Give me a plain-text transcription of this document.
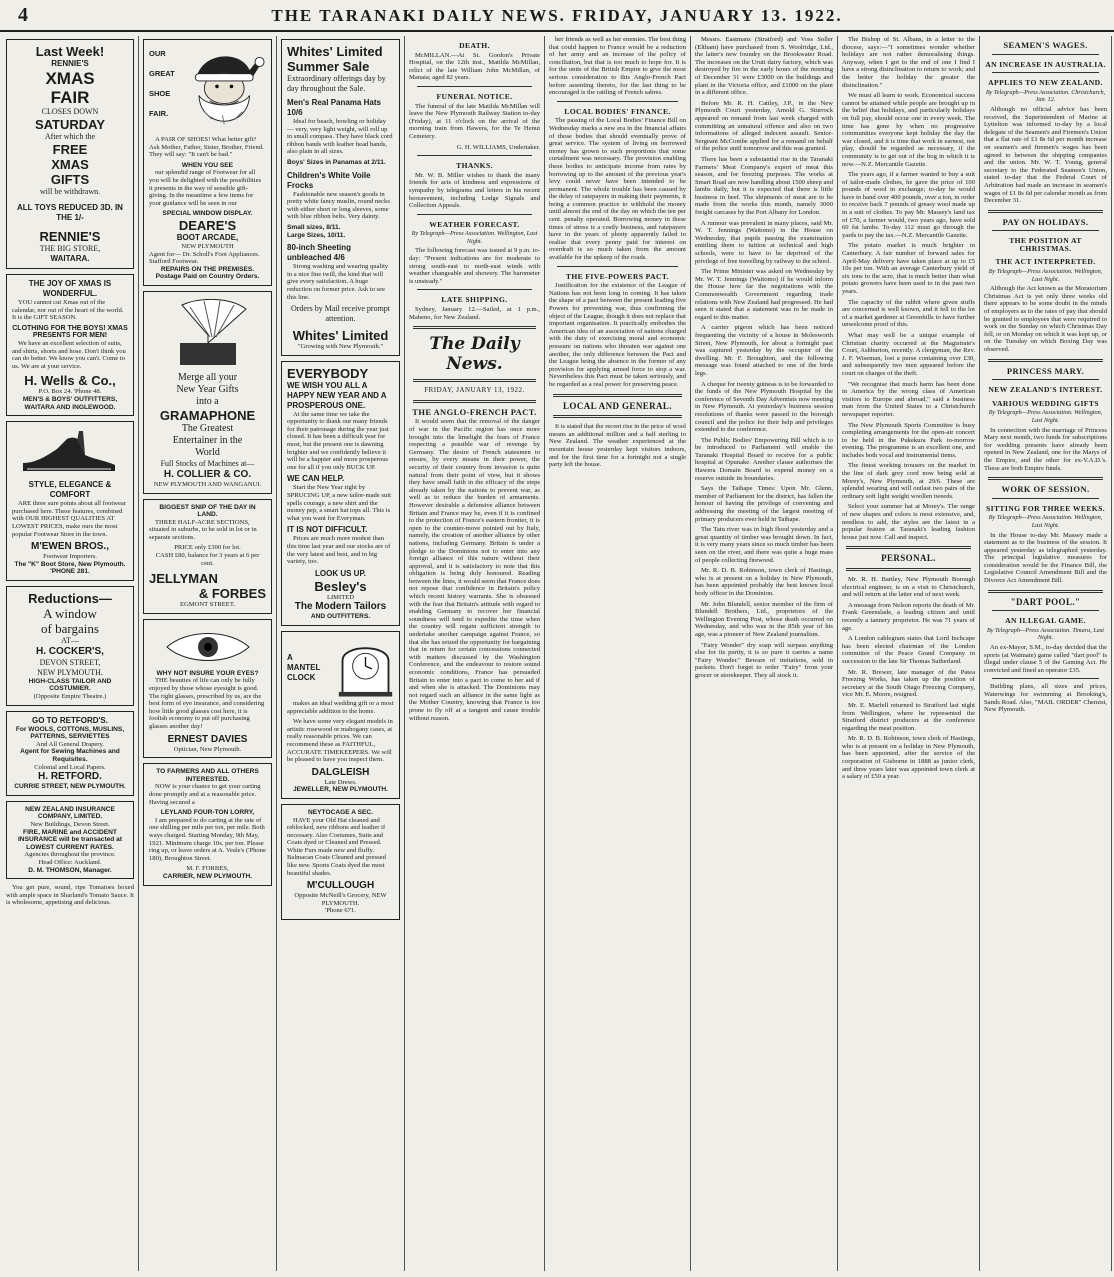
4	THE TARANAKI DAILY NEWS. FRIDAY, JANUARY 13. 1922.
Last Week!
RENNIE'S
XMAS
FAIR
CLOSES DOWN
SATURDAY
After which the
FREE
XMAS
GIFTS
will be withdrawn.
ALL TOYS REDUCED 3D. IN THE 1/-
RENNIE'S
THE BIG STORE,
WAITARA.
THE JOY OF XMAS IS WONDERFUL.

YOU cannot cut Xmas out of the calendar, nor out of the heart of the world. It is the GIFT SEASON.

CLOTHING FOR THE BOYS! XMAS PRESENTS FOR MEN!

We have an excellent selection of suits, and shirts, shorts and hose. Don't think you can do better. We know you can't. Come to us. We are at your service.

H. Wells & Co.,
P.O. Box 24. 'Phone 48.
MEN'S & BOYS' OUTFITTERS,
WAITARA AND INGLEWOOD.
STYLE, ELEGANCE & COMFORT

ARE three sure points about all footwear purchased here. These features, combined with OUR HIGHEST QUALITIES AT LOWEST PRICES, make ours the most popular Footwear Store in the town.

M'EWEN BROS.,
Footwear Importers.
The "K" Boot Store, New Plymouth. 'PHONE 281.
Reductions—
A window
of bargains
AT—
H. COCKER'S,
DEVON STREET,
NEW PLYMOUTH.
HIGH-CLASS TAILOR AND COSTUMIER.
(Opposite Empire Theatre.)
GO TO RETFORD'S.
For WOOLS, COTTONS, MUSLINS, PATTERNS, SERVIETTES
And All General Drapery.
Agent for Sewing Machines and Requisites.
Colonial and Local Papers.
H. RETFORD.
CURRIE STREET, NEW PLYMOUTH.
NEW ZEALAND INSURANCE COMPANY, LIMITED.
New Buildings, Devon Street.
FIRE, MARINE and ACCIDENT INSURANCE will be transacted at LOWEST CURRENT RATES.
Agencies throughout the province.
Head Office: Auckland.
D. M. THOMSON, Manager.

You get pure, sound, ripe Tomatoes boxed with ample space in Sharland's Tomato Sauce. It is wholesome, appetising and delicious.

OUR GREAT SHOE FAIR.

A PAIR OF SHOES! What better gift? Ask Mother, Father, Sister, Brother, Friend. They will say: "It can't be bad."

WHEN YOU SEE

our splendid range of Footwear for all you will be delighted with the possibilities it presents in the way of sensible gift-giving. In the meantime a few items for your guidance will be seen in our

SPECIAL WINDOW DISPLAY.
DEARE'S
BOOT ARCADE,
NEW PLYMOUTH
Agent for— Dr. Scholl's Foot Appliances. Stafford Footwear.
REPAIRS ON THE PREMISES. Postage Paid on Country Orders.
Merge all your
New Year Gifts
into a
GRAMAPHONE
The Greatest
Entertainer in the
World
Full Stocks of Machines at—
H. COLLIER & CO.
NEW PLYMOUTH AND WANGANUI.
BIGGEST SNIP OF THE DAY IN LAND.

THREE HALF-ACRE SECTIONS, situated in suburbs, to be sold in lot or in separate sections.

PRICE only £300 for lot.
CASH £80, balance for 3 years at 6 per cent.
JELLYMAN
& FORBES
EGMONT STREET.
WHY NOT INSURE YOUR EYES?

THE beauties of life can only be fully enjoyed by those whose eyesight is good. The right glasses, prescribed by us, are the best form of eye insurance, and considering how little good glasses cost here, it is foolish economy to put off purchasing glasses another day!

ERNEST DAVIES
Optician, New Plymouth.
TO FARMERS AND ALL OTHERS INTERESTED.

NOW is your chance to get your carting done promptly and at a reasonable price. Having secured a

LEYLAND FOUR-TON LORRY,

I am prepared to do carting at the rate of one shilling per mile per ton, per mile. Both ways charged. Starting Monday, 9th May, 1921. Minimum charge 10s. per ton. Please ring up, or leave orders at A. Veale's ('Phone 180), Broughton Street.

M. F. FORBES,
CARRIER, NEW PLYMOUTH.
Whites' Limited
Summer Sale
Extraordinary offerings day by day throughout the Sale.
Men's Real Panama Hats 10/6

Ideal for beach, bowling or holiday — very, very light weight, will roll up in small compass. They have black cord ribbon bands with leather head bands, also plain in all sizes.

Boys' Sizes in Panamas at 2/11.
Children's White Voile Frocks

Fashionable new season's goods in pretty white fancy muslin, round necks with either short or long sleeves, some with blue ribbon belts. Very dainty.

Small sizes, 8/11.
Large Sizes, 10/11.
80-inch Sheeting unbleached 4/6

Strong washing and wearing quality in a nice fine twill, the kind that will give every satisfaction. A huge reduction on former price. Ask to see this line.

Orders by Mail receive prompt attention.
Whites' Limited
"Growing with New Plymouth."
EVERYBODY
WE WISH YOU ALL A HAPPY NEW YEAR AND A PROSPEROUS ONE.

At the same time we take the opportunity to thank our many friends for their patronage during the year just closed. It has been a difficult year for most, but the present one is dawning brighter and we confidently believe it will be a happier and more prosperous one for all if you only BUCK UP.

WE CAN HELP.

Start the New Year right by SPRUCING UP, a new tailor-made suit spells courage, a new shirt and the money pep, a smart hat tops all. This is what you want for Everyman.

IT IS NOT DIFFICULT.

Prices are much more modest than this time last year and our stocks are of the very latest and best, and in big variety, too.

LOOK US UP.
Besley's
LIMITED
The Modern Tailors
AND OUTFITTERS.
A
MANTEL
CLOCK

makes an ideal wedding gift or a most appreciable addition to the home.

We have some very elegant models in artistic rosewood or mahogany cases, at really reasonable prices. We can recommend these as FAITHFUL, ACCURATE TIMEKEEPERS. We will be pleased to have you inspect them.

DALGLEISH
Late Drews.
JEWELLER, NEW PLYMOUTH.
NEYTOCAGE A SEC.

HAVE your Old Hat cleaned and reblocked, new ribbons and leather if necessary. Also Costumes, Suits and Coats dyed or Cleaned and Pressed. White Furs made new and fluffy. Balmacan Coats Cleaned and pressed like new. Sports Coats dyed the most beautiful shades.

M'CULLOUGH
Opposite McNeill's Grocery, NEW PLYMOUTH.
'Phone 671.
DEATH.

McMILLAN.—At St. Gordon's Private Hospital, on the 12th inst., Matilda McMillan, relict of the late William John McMillan, of Manaia; aged 82 years.

FUNERAL NOTICE.

The funeral of the late Matilda McMillan will leave the New Plymouth Railway Station to-day (Friday), at 11 o'clock on the arrival of the morning train from Hawera, for the Te Henui Cemetery.

G. H. WILLIAMS, Undertaker.
THANKS.

Mr. W. B. Miller wishes to thank the many friends for acts of kindness and expressions of sympathy by telegrams and letters in his recent bereavement, including Lodge Signals and Collection Appeals.

WEATHER FORECAST.
By Telegraph—Press Association. Wellington, Last Night.

The following forecast was issued at 9 p.m. to-day: "Present indications are for moderate to strong south-east to north-east winds with weather changeable and showery. The barometer is unsteady."

LATE SHIPPING.

Sydney, January 12.—Sailed, at 1 p.m., Maheno, for New Zealand.

The Daily News.
FRIDAY, JANUARY 13, 1922.
THE ANGLO-FRENCH PACT.

It would seem that the removal of the danger of war in the Pacific region has once more brought into the limelight the fears of France respecting a possible war of revenge by Germany. The desire of French statesmen to ensure, by every means in their power, the security of their country from invasion is quite natural from their point of view, but it shows they have small faith in the efficacy of the steps already taken by the nations to prevent war, as well as to reduce the burden of armaments. However desirable a defensive alliance between Britain and France may be, even if it is confined to the protection of France's eastern frontier, it is open to the counter-move pointed out by Italy, namely, the creation of another alliance by other nations, including Germany. Britain is under a pledge to the Dominions not to enter into any foreign alliance of this nature without their approval, and it is satisfactory to note that this obligation is being duly honoured. Reading between the lines, it would seem that France does not repose that confidence in Britain's policy which recent history warrants. She is obsessed with the fear that Britain's attitude with regard to enabling Germany to recover her financial soundness will tend to expedite the time when the country will regain sufficient strength to undertake another campaign against France, so that she has seized the opportunity for bargaining that in return for certain concessions connected with matters discussed by the Washington Conference, and the endeavour to restore sound economic conditions, France has persuaded Britain to enter into a pact to come to her aid if and when she is attacked. The Dominions may not regard such an alliance in the same light as the Mother Country, knowing that France is too prone to fly off at a tangent and cause trouble without reason.

her friends as well as her enemies. The best thing that could happen to France would be a reduction of her army and an increase of the policy of conciliation, but that is too much to hope for. It is for the units of the British Empire to give the most serious consideration to this Anglo-French Pact before assenting thereto, for the last thing to be encouraged is the rattling of French sabres.

LOCAL BODIES' FINANCE.

The passing of the Local Bodies' Finance Bill on Wednesday marks a new era in the financial affairs of those bodies that should eventually prove of great service. The system of living on borrowed money has grown to such proportions that some curtailment was necessary. The provision enabling these bodies to anticipate income from rates by borrowing up to the amount of the previous year's levy could never have been intended to be permanent. The whole trouble has been caused by the delay of ratepayers in making their payments, it being a common practice to withhold the money until almost the end of the day on which the ten per cent. penalty operated. Borrowing money in these times of stress is a costly business, and ratepayers have in the years of plenty apparently failed to realise that every penny paid for interest on overdraft is so much taken from the amount available for the upkeep of the roads.

THE FIVE-POWERS PACT.

Justification for the existence of the League of Nations has not been long in coming. It has taken the shape of a pact between the present leading five Powers for preventing war, thus confirming the object of the League, though it does not replace that important organisation. It practically embodies the American idea of an association of nations charged with the duty of exercising moral and economic pressure on nations who threaten war against one another, the only difference between the Pact and the League being the absence in the former of any provision for applying armed force to stop a war. Nevertheless this Pact must be taken seriously, and be regarded as a real power for preserving peace.

LOCAL AND GENERAL.

It is stated that the recent rise in the price of wool means an additional million and a half sterling to New Zealand. The weather experienced at the mountain house yesterday kept visitors indoors, and for the first time for a fortnight not a single party left the house.

Messrs. Eastmans (Stratford) and Voss Soller (Eltham) have purchased from S. Woolridge, Ltd., the latter's new foundry on the Brookwater Road. The increases on the Urutī dairy factory, which was destroyed by fire in the early hours of the morning of December 31 were £3000 on the buildings and plant in the Victoria office, and £1000 on the plant in a different office.

Before Mr. R. H. Cattley, J.P., in the New Plymouth Court yesterday, Arnold G. Sturrock appeared on remand from last week charged with committing an unnatural offence and also on two informations of alleged indecent assault. Senior-Sergeant McCombe applied for a remand on behalf of the police until tomorrow and this was granted.

There has been a substantial rise in the Taranaki Farmers' Meat Company's export of meat this season, and for freezing purposes. The works at Smart Road are now handling about 1500 sheep and lambs daily, but it is expected that there is little business in beef. The shipments of meat are to be made from the works this month, namely 3000 freight carcases by the Port Albany for London.

A rumour was prevalent in many places, said Mr. W. T. Jennings (Waitomo) in the House on Wednesday, that pupils passing the examination entitling them to tuition at technical and high schools, were to have to be deprived of the privilege of free travelling by railway to the school.

The Prime Minister was asked on Wednesday by Mr. W. T. Jennings (Waitomo) if he would inform the House how far the negotiations with the Commonwealth Government regarding trade relations with New Zealand had progressed. He had seen it stated that a statement was to be made in regard to this matter.

A carrier pigeon which has been noticed frequenting the vicinity of a house in Molesworth Street, New Plymouth, for about a fortnight past was captured yesterday by the occupier of the dwelling. Mr. F. Broughton, and the following message was found attached to one of the birds legs.

A cheque for twenty guineas is to be forwarded to the funds of the New Plymouth Hospital by the conference of Seventh Day Adventists now meeting in New Plymouth. At yesterday's business session resolutions of thanks were passed to the borough council and the police for their help and privileges extended to the conference.

The Public Bodies' Empowering Bill which is to be introduced to Parliament will enable the Taranaki Hospital Board to receive for a public hospital at Opunake. Another clause authorises the Hawera Domain Board to expend money on a reserve outside its boundaries.

Says the Taihape Times: Upon Mr. Glenn, member of Parliament for the district, has fallen the honour of having the privilege of convening and addressing the meeting of the largest meeting of primary producers ever held in Taihape.

The Tatu river was in high flood yesterday and a great quantity of timber was brought down. In fact, it is very many years since so much timber has been seen on the river, and there was quite a huge mass of people collecting firewood.

Mr. R. D. B. Robinson, town clerk of Hastings, who is at present on a holiday in New Plymouth, has been appointed probably the best known local body officer in the Dominion.

Mr. John Blundell, senior member of the firm of Blundell Brothers, Ltd., proprietors of the Wellington Evening Post, whose death occurred on Wednesday, and who was in the 85th year of his age, was a pioneer of New Zealand journalism.

"Fairy Wonder" dry soap will surpass anything else for its purity, it is so pure it carries a name "Fairy Wonder." Beware of imitations, sold in packets. Don't forget to order "Fairy" from your grocer or storekeeper. They all stock it.

The Bishop of St. Albans, in a letter to the diocese, says:—"I sometimes wonder whether holidays are not rather demoralising things. Anyway, when I got to the end of one I find I have a strong disinclination to return to work; and the better the holiday the greater the disinclination."

We must all learn to work. Economical success cannot be attained while people are brought up in the belief that holidays, and particularly holidays on full pay, should occur one in every week. The time has gone by when no progressive communities everyone kept holiday the day the war closed, and it is time that work in earnest, not play, should be regarded as necessary, if the community is to get out of the bog in which it is now.—N.Z. Mercantile Gazette.

The years ago, if a farmer wanted to buy a suit of tailor-made clothes, he gave the price of 100 pounds of wool in exchange; to-day he would have to hand over 400 pounds, over a ton, in order to receive back 7 pounds of greasy wool made up in a suit of clothes. To pay Mr. Massey's land tax of £70, a farmer would, two years ago, have sold 60 fat lambs. To-day 112 must go through the yards to pay the tax.—N.Z. Mercantile Gazette.

The potato market is much brighter in Canterbury. A fair number of forward sales for April-May delivery have taken place at up to £5 10s per ton. With an average Canterbury yield of six tons to the acre, that is much better than what potato growers have been used to in the past two years.

The capacity of the rabbit where given stuffs are concerned is well known, and it fell to the lot of a market gardener at Greenhills to have further unwelcome proof of this.

What may well be a unique example of Christian charity occurred at the Magistrate's Court, Ashburton, recently. A clergyman, the Rev. J. F. Wiseman, lost a purse containing over £30, and subsequently two men appeared before the court on charges of the theft.

"We recognise that much harm has been done in America by the wrong class of American visitors to Europe and abroad," said a business man from the United States to a Christchurch newspaper reporter.

The New Plymouth Sports Committee is busy completing arrangements for the open-air concert to be held in the Pukekura Park to-morrow evening. The programme is an excellent one, and includes both vocal and instrumental items.

The finest working trousers on the market in the line of dark grey cord now being sold at Morey's, New Plymouth, at 29/6. These are splendid wearing and will outlast two pairs of the ordinary soft light weight woollen tweeds.

Select your summer hat at Morey's. The range of new shapes and colors is most extensive, and, needless to add, the styles are the latest in a popular feature at Taranaki's leading fashion house just now. Call and inspect.

PERSONAL.

Mr. R. H. Bartley, New Plymouth Borough electrical engineer, is on a visit to Christchurch, and will return at the latter end of next week.

A message from Nelson reports the death of Mr. Frank Greenslade, a leading citizen and until recently a tannery proprietor. He was 71 years of age.

A London cablegram states that Lord Inchcape has been elected chairman of the London committee of the Peace Grand Company in succession to the late Sir Thomas Sutherland.

Mr. R. Brewer, late manager of the Patea Freezing Works, has taken up the position of secretary at the South Otago Freezing Company, vice Mr. E. Moore, resigned.

Mr. E. Marfell returned to Stratford last night from Wellington, where he represented the Stratford district producers at the conference regarding the meat position.

Mr. R. D. B. Robinson, town clerk of Hastings, who is at present on a holiday in New Plymouth, has been appointed, after the service of the corporation of Gisborne in 1888 as junior clerk, and three years later was appointed town clerk at a salary of £50 a year.

SEAMEN'S WAGES.
AN INCREASE IN AUSTRALIA.
APPLIES TO NEW ZEALAND.
By Telegraph—Press Association. Christchurch, Jan. 12.

Although no official advice has been received, the Superintendent of Marine at Lyttelton was informed to-day by a local delegate of the Seamen's and Firemen's Union that a flat rate of £1 8s 6d per month increase on seamen's and firemen's wages has been agreed to between the shipping companies and the union. Mr. W. T. Young, general secretary to the Federated Seamen's Union, stated to-day that the Federal Court of Arbitration had made an increase in seamen's wages of £1 8s 6d per calendar month as from December 31.

PAY ON HOLIDAYS.
THE POSITION AT CHRISTMAS.
THE ACT INTERPRETED.
By Telegraph—Press Association. Wellington, Last Night.

Although the Act known as the Moratorium Christmas Act is yet only three weeks old there appears to be some doubt in the minds of employers as to the rates of pay that should be granted to employees that were required to work on the Sunday on which Christmas Day fell, or on Monday on which it was kept up, or on the Tuesday on which Boxing Day was observed.

PRINCESS MARY.
NEW ZEALAND'S INTEREST.
VARIOUS WEDDING GIFTS
By Telegraph—Press Association. Wellington, Last Night.

In connection with the marriage of Princess Mary next month, two funds for subscriptions for wedding presents have already been opened in New Zealand, one for the Marys of the Empire, and the other for ex-V.A.D.'s. These are both Empire funds.

WORK OF SESSION.
SITTING FOR THREE WEEKS.
By Telegraph—Press Association. Wellington, Last Night.

In the House to-day Mr. Massey made a statement as to the business of the session. It appeared yesterday as telegraphed yesterday. The principal legislative measures for consideration would be the Finance Bill, the Legislative Council Amendment Bill and the Divorce Act Amendment Bill.

"DART POOL."
AN ILLEGAL GAME.
By Telegraph—Press Association. Timaru, Last Night.

An ex-Mayor, S.M., to-day decided that the sports (at Waimate) game called "dart pool" is illegal under clause 5 of the Gaming Act. He convicted and fined an operator £35.

Building plans, all sizes and prices, Waterwings for swimming at Brooking's, Sands Road. Also, "MAIL ORDER" Chemist, New Plymouth.
